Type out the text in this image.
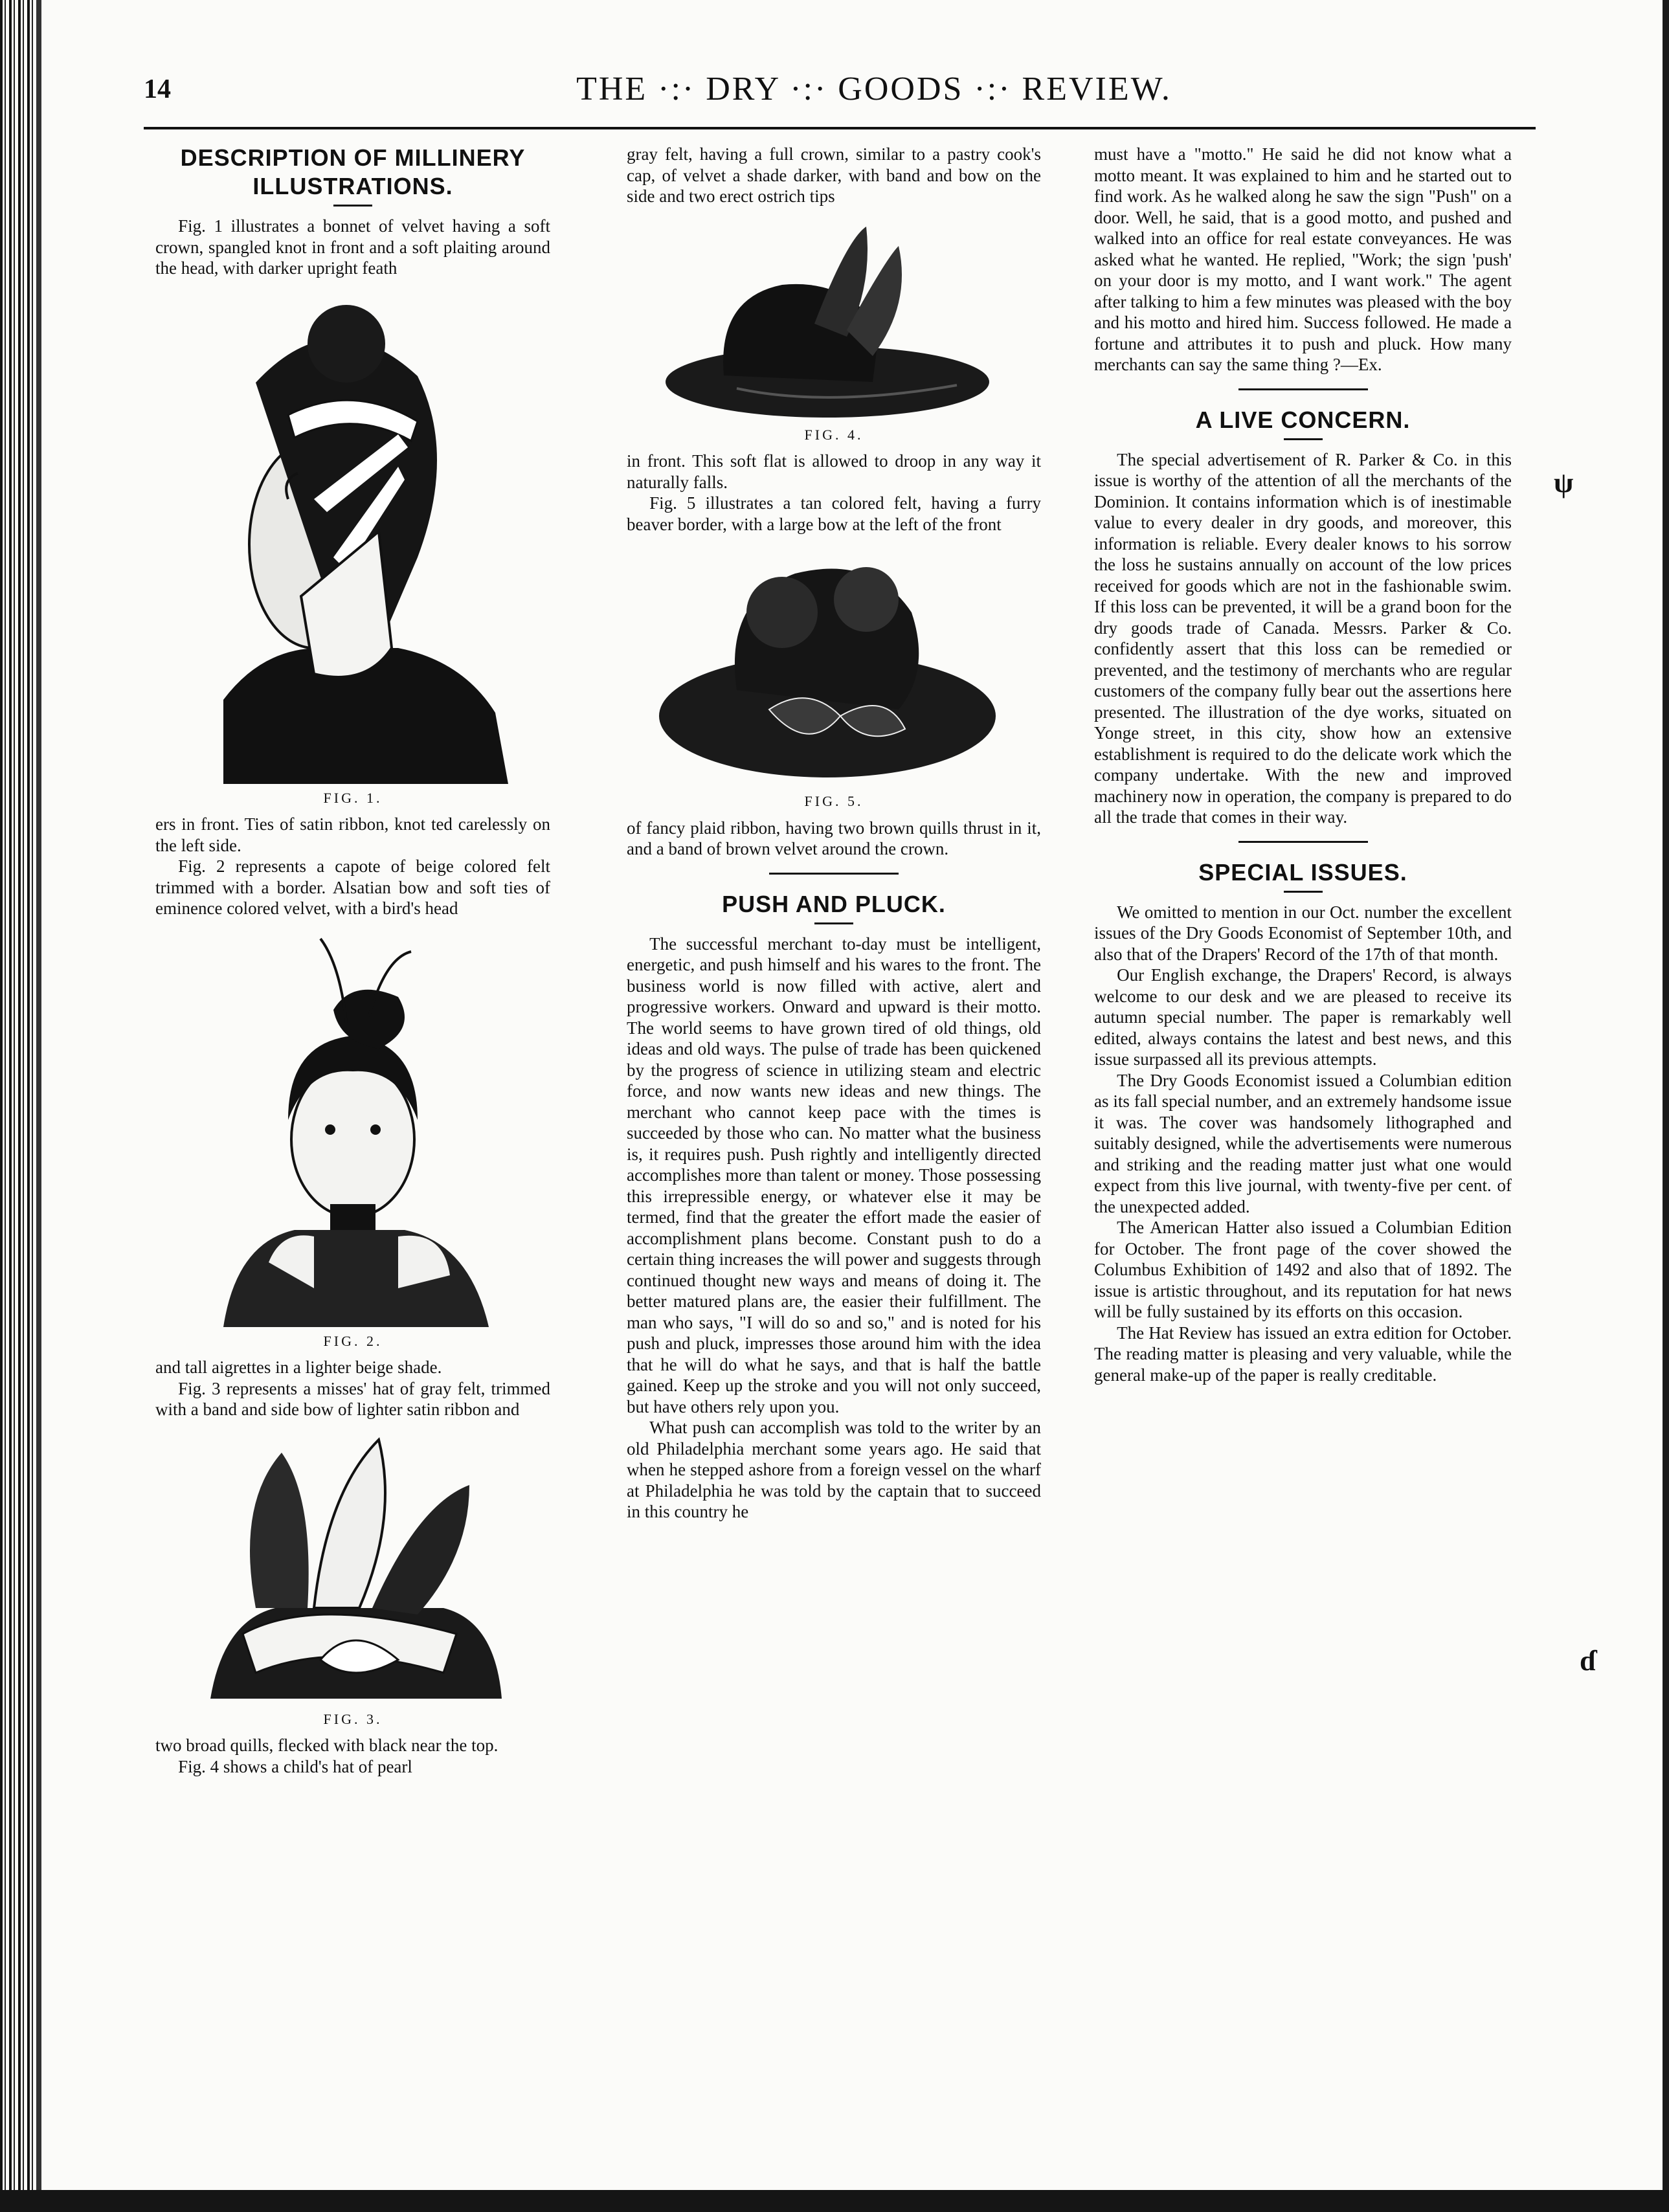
14	THE ·:· DRY ·:· GOODS ·:· REVIEW.
DESCRIPTION OF MILLINERY ILLUSTRATIONS.

Fig. 1 illustrates a bonnet of velvet having a soft crown, spangled knot in front and a soft plaiting around the head, with darker upright feath

FIG. 1.

ers in front. Ties of satin ribbon, knot ted carelessly on the left side.

Fig. 2 represents a capote of beige colored felt trimmed with a border. Alsatian bow and soft ties of eminence colored velvet, with a bird's head

FIG. 2.

and tall aigrettes in a lighter beige shade.

Fig. 3 represents a misses' hat of gray felt, trimmed with a band and side bow of lighter satin ribbon and

FIG. 3.

two broad quills, flecked with black near the top.

Fig. 4 shows a child's hat of pearl

gray felt, having a full crown, similar to a pastry cook's cap, of velvet a shade darker, with band and bow on the side and two erect ostrich tips

FIG. 4.

in front. This soft flat is allowed to droop in any way it naturally falls.

Fig. 5 illustrates a tan colored felt, having a furry beaver border, with a large bow at the left of the front

FIG. 5.

of fancy plaid ribbon, having two brown quills thrust in it, and a band of brown velvet around the crown.

PUSH AND PLUCK.

The successful merchant to-day must be intelligent, energetic, and push himself and his wares to the front. The business world is now filled with active, alert and progressive workers. Onward and upward is their motto. The world seems to have grown tired of old things, old ideas and old ways. The pulse of trade has been quickened by the progress of science in utilizing steam and electric force, and now wants new ideas and new things. The merchant who cannot keep pace with the times is succeeded by those who can. No matter what the business is, it requires push. Push rightly and intelligently directed accomplishes more than talent or money. Those possessing this irrepressible energy, or whatever else it may be termed, find that the greater the effort made the easier of accomplishment plans become. Constant push to do a certain thing increases the will power and suggests through continued thought new ways and means of doing it. The better matured plans are, the easier their fulfillment. The man who says, "I will do so and so," and is noted for his push and pluck, impresses those around him with the idea that he will do what he says, and that is half the battle gained. Keep up the stroke and you will not only succeed, but have others rely upon you.

What push can accomplish was told to the writer by an old Philadelphia merchant some years ago. He said that when he stepped ashore from a foreign vessel on the wharf at Philadelphia he was told by the captain that to succeed in this country he

must have a "motto." He said he did not know what a motto meant. It was explained to him and he started out to find work. As he walked along he saw the sign "Push" on a door. Well, he said, that is a good motto, and pushed and walked into an office for real estate conveyances. He was asked what he wanted. He replied, "Work; the sign 'push' on your door is my motto, and I want work." The agent after talking to him a few minutes was pleased with the boy and his motto and hired him. Success followed. He made a fortune and attributes it to push and pluck. How many merchants can say the same thing ?—Ex.

A LIVE CONCERN.

The special advertisement of R. Parker & Co. in this issue is worthy of the attention of all the merchants of the Dominion. It contains information which is of inestimable value to every dealer in dry goods, and moreover, this information is reliable. Every dealer knows to his sorrow the loss he sustains annually on account of the low prices received for goods which are not in the fashionable swim. If this loss can be prevented, it will be a grand boon for the dry goods trade of Canada. Messrs. Parker & Co. confidently assert that this loss can be remedied or prevented, and the testimony of merchants who are regular customers of the company fully bear out the assertions here presented. The illustration of the dye works, situated on Yonge street, in this city, show how an extensive establishment is required to do the delicate work which the company undertake. With the new and improved machinery now in operation, the company is prepared to do all the trade that comes in their way.

SPECIAL ISSUES.

We omitted to mention in our Oct. number the excellent issues of the Dry Goods Economist of September 10th, and also that of the Drapers' Record of the 17th of that month.

Our English exchange, the Drapers' Record, is always welcome to our desk and we are pleased to receive its autumn special number. The paper is remarkably well edited, always contains the latest and best news, and this issue surpassed all its previous attempts.

The Dry Goods Economist issued a Columbian edition as its fall special number, and an extremely handsome issue it was. The cover was handsomely lithographed and suitably designed, while the advertisements were numerous and striking and the reading matter just what one would expect from this live journal, with twenty-five per cent. of the unexpected added.

The American Hatter also issued a Columbian Edition for October. The front page of the cover showed the Columbus Exhibition of 1492 and also that of 1892. The issue is artistic throughout, and its reputation for hat news will be fully sustained by its efforts on this occasion.

The Hat Review has issued an extra edition for October. The reading matter is pleasing and very valuable, while the general make-up of the paper is really creditable.

ψ
ɗ
